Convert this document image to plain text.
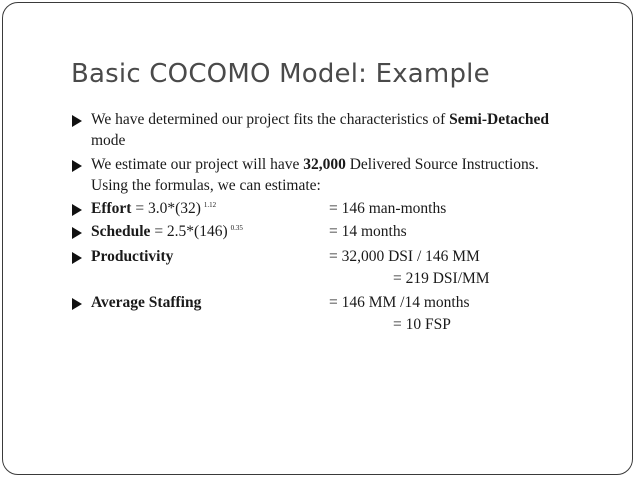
Basic COCOMO Model: Example
We have determined our project fits the characteristics of Semi-Detached
mode
We estimate our project will have 32,000 Delivered Source Instructions.
Using the formulas, we can estimate:
Effort = 3.0*(32) $^{1.12}$	= 146 man-months
Schedule = 2.5*(146) $^{0.35}$	= 14 months
Productivity	= 32,000 DSI / 146 MM
= 219 DSI/MM
Average Staffing	= 146 MM /14 months
= 10 FSP
